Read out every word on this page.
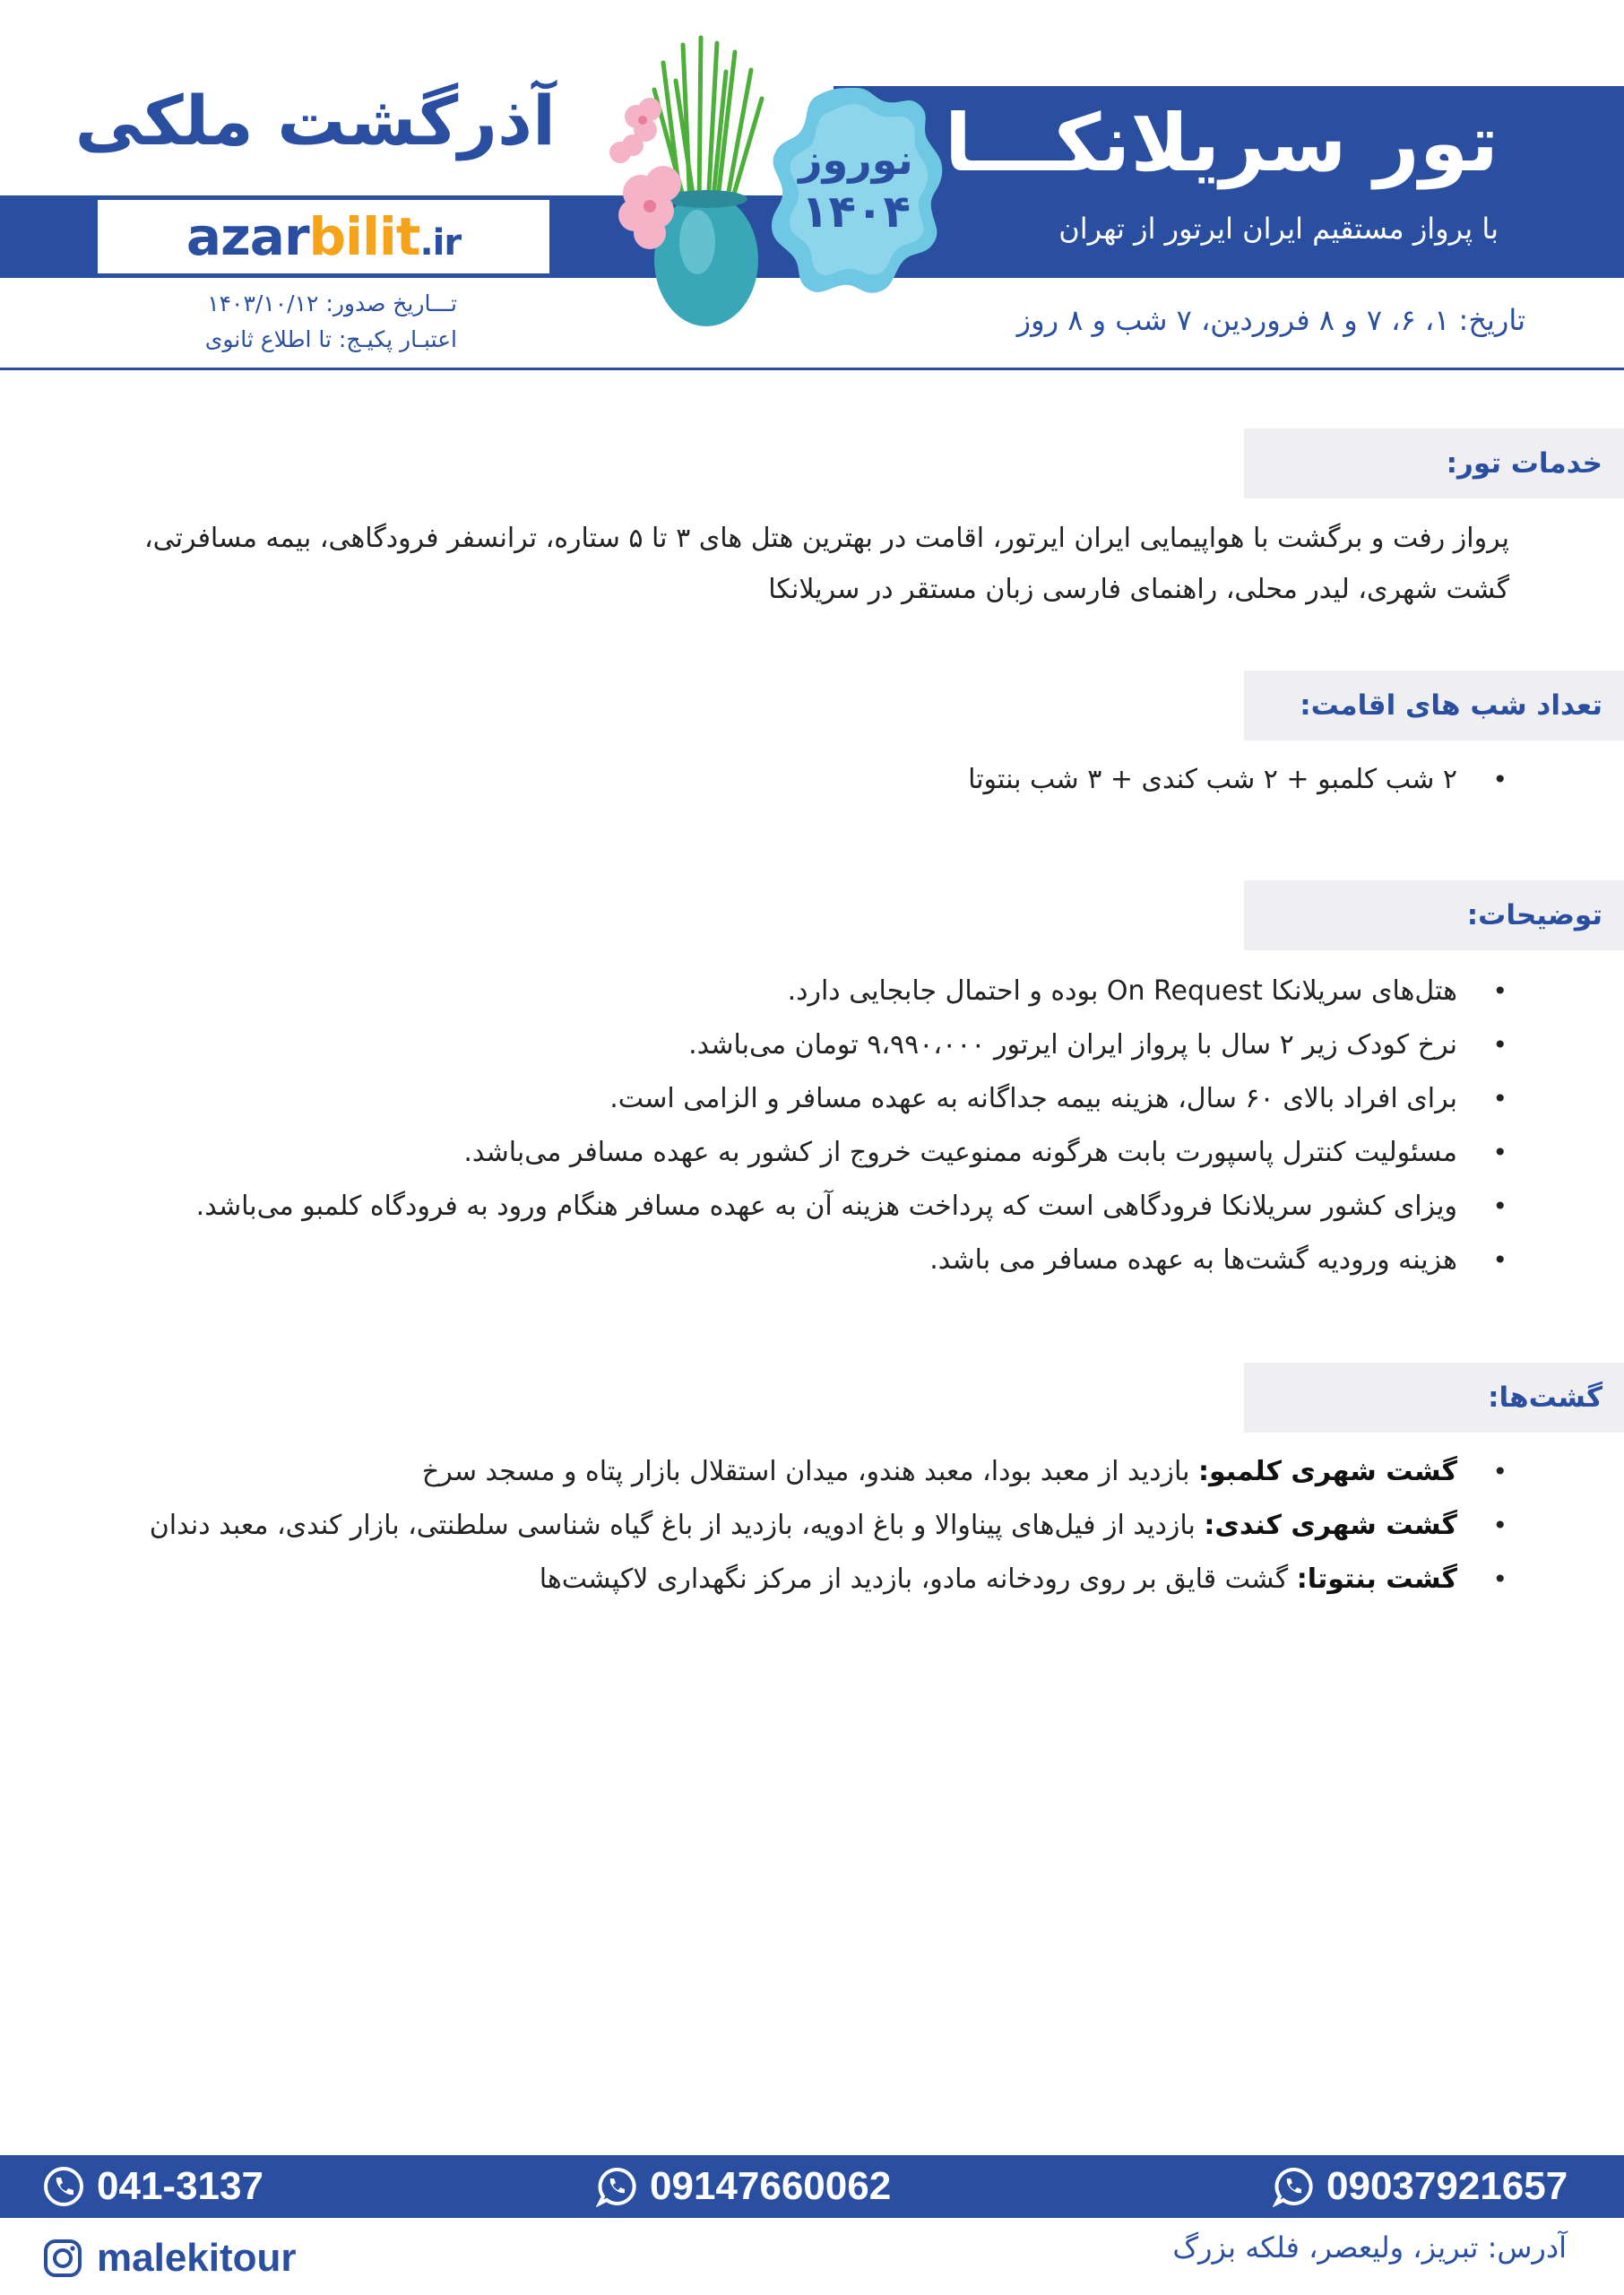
تور سریلانکـــا
با پرواز مستقیم ایران ایرتور از تهران
نوروز
۱۴۰۴
آذرگشت ملکی
azarbilit.ir
تـــاریخ صدور: ۱۴۰۳/۱۰/۱۲
اعتبـار پکیـج: تا اطلاع ثانوی
تاریخ: ۱، ۶، ۷ و ۸ فروردین، ۷ شب و ۸ روز
خدمات تور:
پرواز رفت و برگشت با هواپیمایی ایران ایرتور، اقامت در بهترین هتل های ۳ تا ۵ ستاره، ترانسفر فرودگاهی، بیمه مسافرتی،
گشت شهری، لیدر محلی، راهنمای فارسی زبان مستقر در سریلانکا
تعداد شب های اقامت:
• ۲ شب کلمبو + ۲ شب کندی + ۳ شب بنتوتا
توضیحات:
• هتل‌های سریلانکا On Request بوده و احتمال جابجایی دارد.
• نرخ کودک زیر ۲ سال با پرواز ایران ایرتور ۹،۹۹۰،۰۰۰ تومان می‌باشد.
• برای افراد بالای ۶۰ سال، هزینه بیمه جداگانه به عهده مسافر و الزامی است.
• مسئولیت کنترل پاسپورت بابت هرگونه ممنوعیت خروج از کشور به عهده مسافر می‌باشد.
• ویزای کشور سریلانکا فرودگاهی است که پرداخت هزینه آن به عهده مسافر هنگام ورود به فرودگاه کلمبو می‌باشد.
• هزینه ورودیه گشت‌ها به عهده مسافر می باشد.
گشت‌ها:
• گشت شهری کلمبو: بازدید از معبد بودا، معبد هندو، میدان استقلال بازار پتاه و مسجد سرخ
• گشت شهری کندی: بازدید از فیل‌های پیناوالا و باغ ادویه، بازدید از باغ گیاه شناسی سلطنتی، بازار کندی، معبد دندان
• گشت بنتوتا: گشت قایق بر روی رودخانه مادو، بازدید از مرکز نگهداری لاکپشت‌ها
041-3137	09147660062	09037921657
malekitour	آدرس: تبریز، ولیعصر، فلکه بزرگ
